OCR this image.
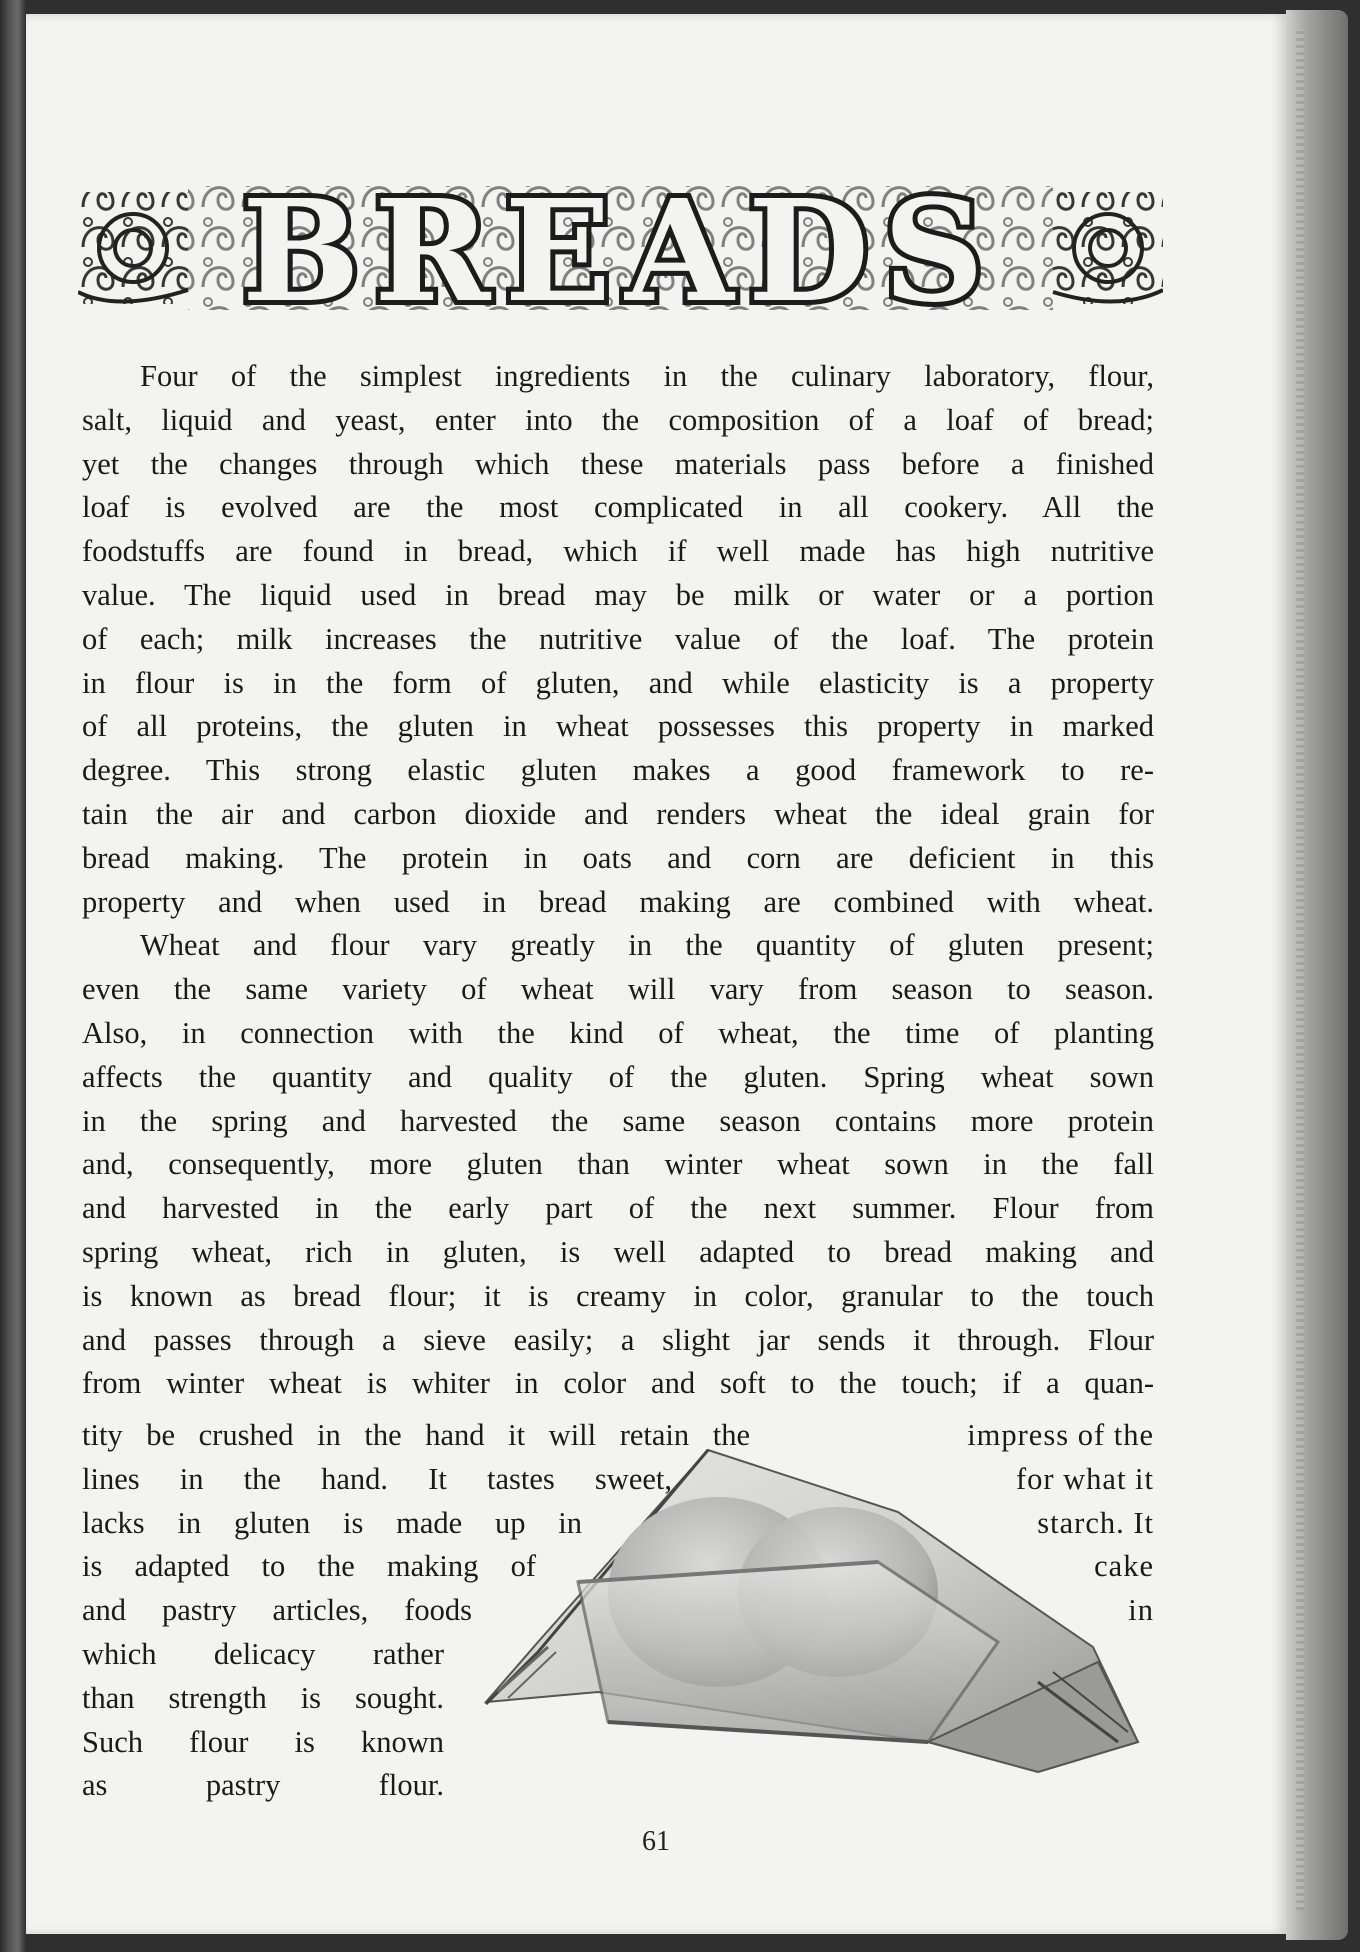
BREADS
Four of the simplest ingredients in the culinary laboratory, flour,
salt, liquid and yeast, enter into the composition of a loaf of bread;
yet the changes through which these materials pass before a finished
loaf is evolved are the most complicated in all cookery. All the
foodstuffs are found in bread, which if well made has high nutritive
value. The liquid used in bread may be milk or water or a portion
of each; milk increases the nutritive value of the loaf. The protein
in flour is in the form of gluten, and while elasticity is a property
of all proteins, the gluten in wheat possesses this property in marked
degree. This strong elastic gluten makes a good framework to re-
tain the air and carbon dioxide and renders wheat the ideal grain for
bread making. The protein in oats and corn are deficient in this
property and when used in bread making are combined with wheat.
Wheat and flour vary greatly in the quantity of gluten present;
even the same variety of wheat will vary from season to season.
Also, in connection with the kind of wheat, the time of planting
affects the quantity and quality of the gluten. Spring wheat sown
in the spring and harvested the same season contains more protein
and, consequently, more gluten than winter wheat sown in the fall
and harvested in the early part of the next summer. Flour from
spring wheat, rich in gluten, is well adapted to bread making and
is known as bread flour; it is creamy in color, granular to the touch
and passes through a sieve easily; a slight jar sends it through. Flour
from winter wheat is whiter in color and soft to the touch; if a quan-
tity be crushed in the hand it will retain the
lines in the hand. It tastes sweet,
lacks in gluten is made up in
is adapted to the making of
and pastry articles, foods
which delicacy rather
than strength is sought.
Such flour is known
as pastry flour.
impress of the
for what it
starch. It
cake
in
61
